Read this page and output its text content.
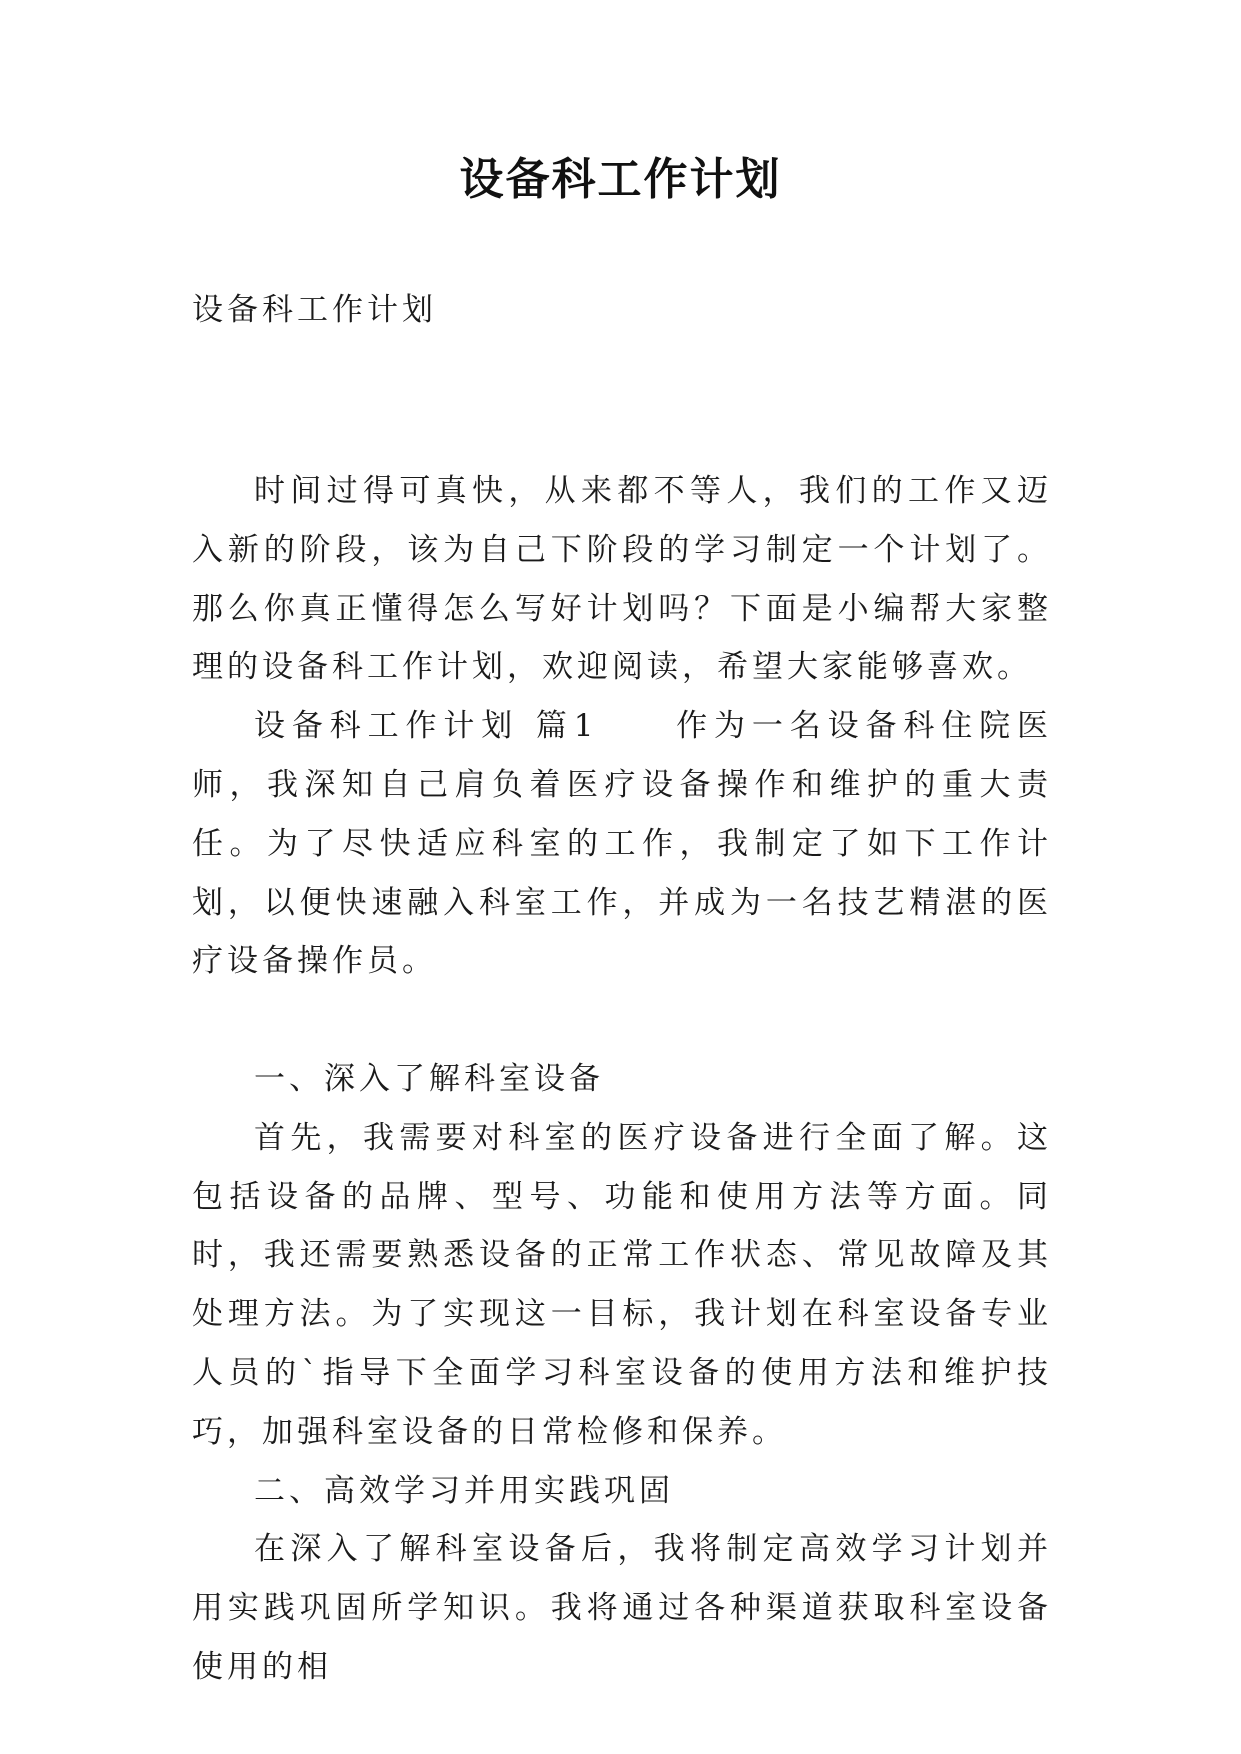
设备科工作计划
设备科工作计划

时间过得可真快，从来都不等人，我们的工作又迈入新的阶段，该为自己下阶段的学习制定一个计划了。那么你真正懂得怎么写好计划吗？下面是小编帮大家整理的设备科工作计划，欢迎阅读，希望大家能够喜欢。

设备科工作计划 篇1　　作为一名设备科住院医师，我深知自己肩负着医疗设备操作和维护的重大责任。为了尽快适应科室的工作，我制定了如下工作计划，以便快速融入科室工作，并成为一名技艺精湛的医疗设备操作员。

一、深入了解科室设备

首先，我需要对科室的医疗设备进行全面了解。这包括设备的品牌、型号、功能和使用方法等方面。同时，我还需要熟悉设备的正常工作状态、常见故障及其处理方法。为了实现这一目标，我计划在科室设备专业人员的`指导下全面学习科室设备的使用方法和维护技巧，加强科室设备的日常检修和保养。

二、高效学习并用实践巩固

在深入了解科室设备后，我将制定高效学习计划并用实践巩固所学知识。我将通过各种渠道获取科室设备使用的相
